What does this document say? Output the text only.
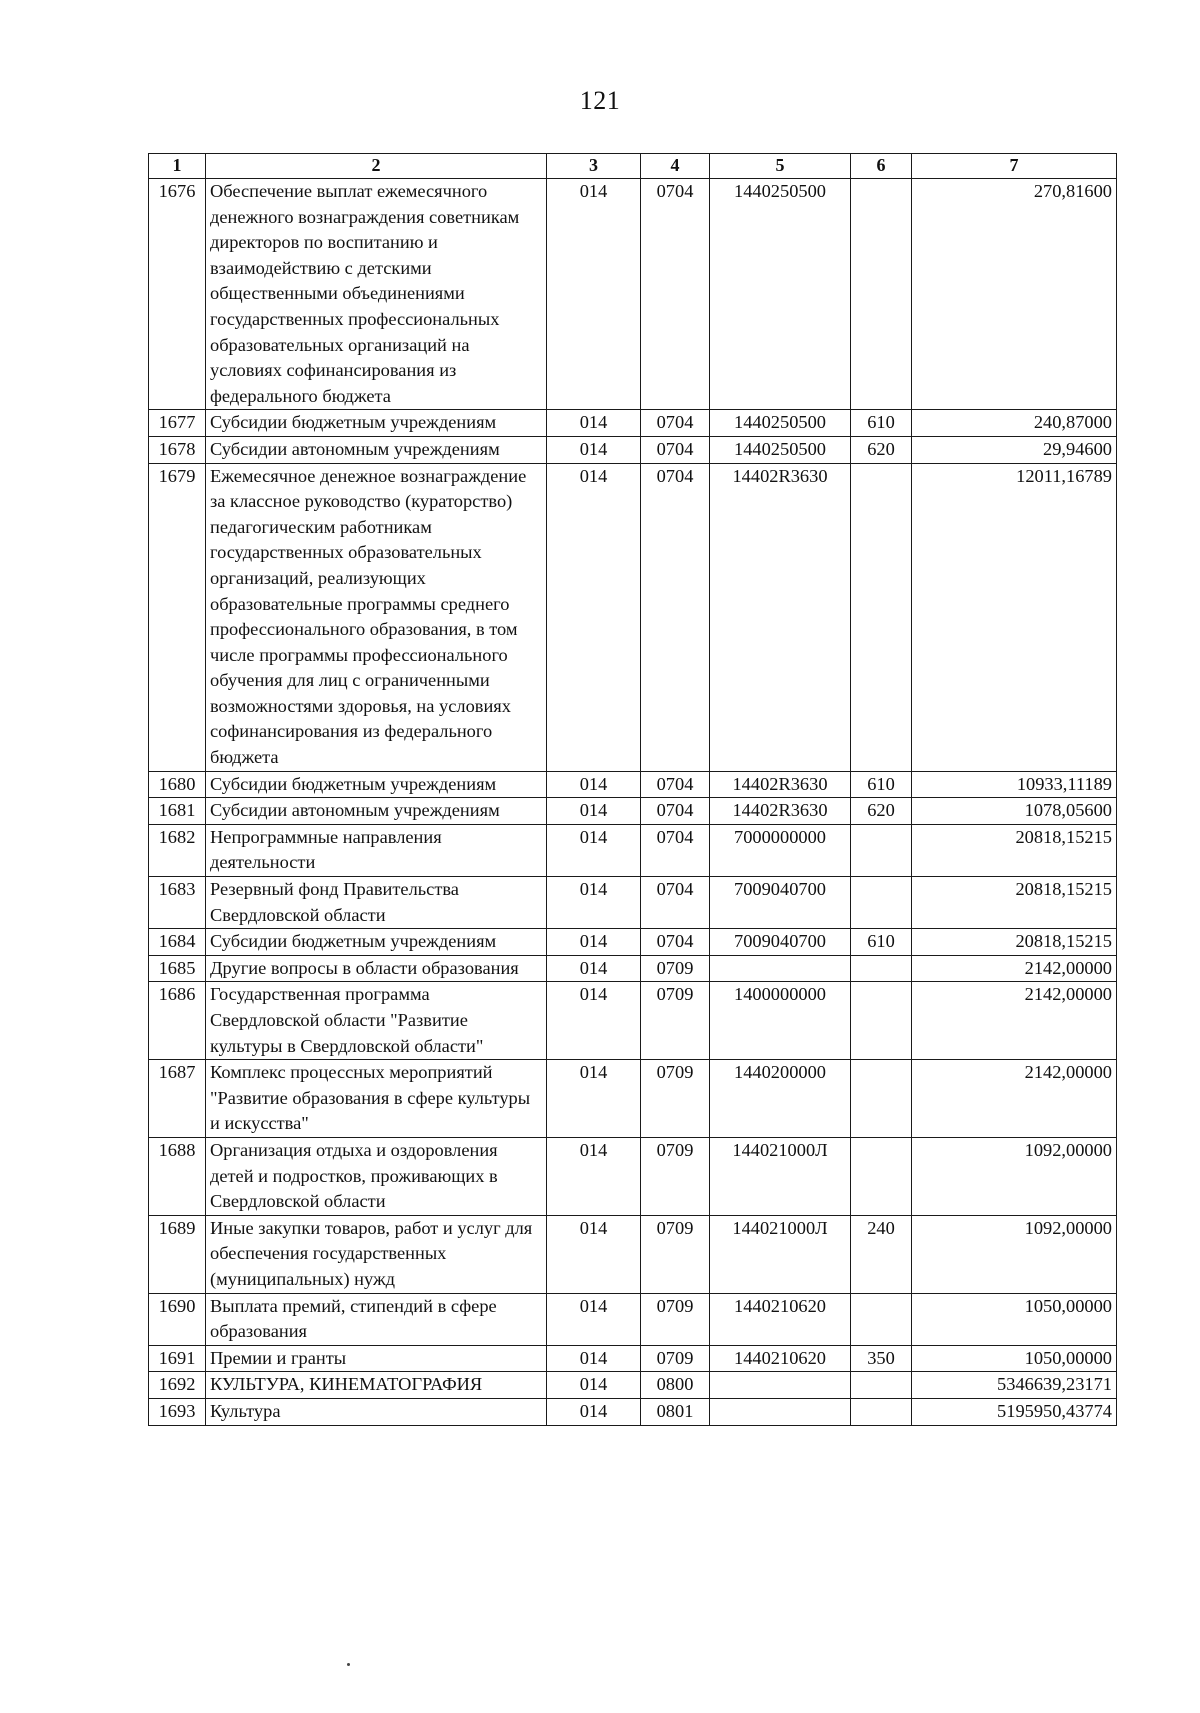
121
1	2	3	4	5	6	7
1676	Обеспечение выплат ежемесячного денежного вознаграждения советникам директоров по воспитанию и взаимодействию с детскими общественными объединениями государственных профессиональных образовательных организаций на условиях софинансирования из федерального бюджета	014	0704	1440250500		270,81600
1677	Субсидии бюджетным учреждениям	014	0704	1440250500	610	240,87000
1678	Субсидии автономным учреждениям	014	0704	1440250500	620	29,94600
1679	Ежемесячное денежное вознаграждение за классное руководство (кураторство) педагогическим работникам государственных образовательных организаций, реализующих образовательные программы среднего профессионального образования, в том числе программы профессионального обучения для лиц с ограниченными возможностями здоровья, на условиях софинансирования из федерального бюджета	014	0704	14402R3630		12011,16789
1680	Субсидии бюджетным учреждениям	014	0704	14402R3630	610	10933,11189
1681	Субсидии автономным учреждениям	014	0704	14402R3630	620	1078,05600
1682	Непрограммные направления деятельности	014	0704	7000000000		20818,15215
1683	Резервный фонд Правительства Свердловской области	014	0704	7009040700		20818,15215
1684	Субсидии бюджетным учреждениям	014	0704	7009040700	610	20818,15215
1685	Другие вопросы в области образования	014	0709			2142,00000
1686	Государственная программа Свердловской области "Развитие культуры в Свердловской области"	014	0709	1400000000		2142,00000
1687	Комплекс процессных мероприятий "Развитие образования в сфере культуры и искусства"	014	0709	1440200000		2142,00000
1688	Организация отдыха и оздоровления детей и подростков, проживающих в Свердловской области	014	0709	144021000Л		1092,00000
1689	Иные закупки товаров, работ и услуг для обеспечения государственных (муниципальных) нужд	014	0709	144021000Л	240	1092,00000
1690	Выплата премий, стипендий в сфере образования	014	0709	1440210620		1050,00000
1691	Премии и гранты	014	0709	1440210620	350	1050,00000
1692	КУЛЬТУРА, КИНЕМАТОГРАФИЯ	014	0800			5346639,23171
1693	Культура	014	0801			5195950,43774
